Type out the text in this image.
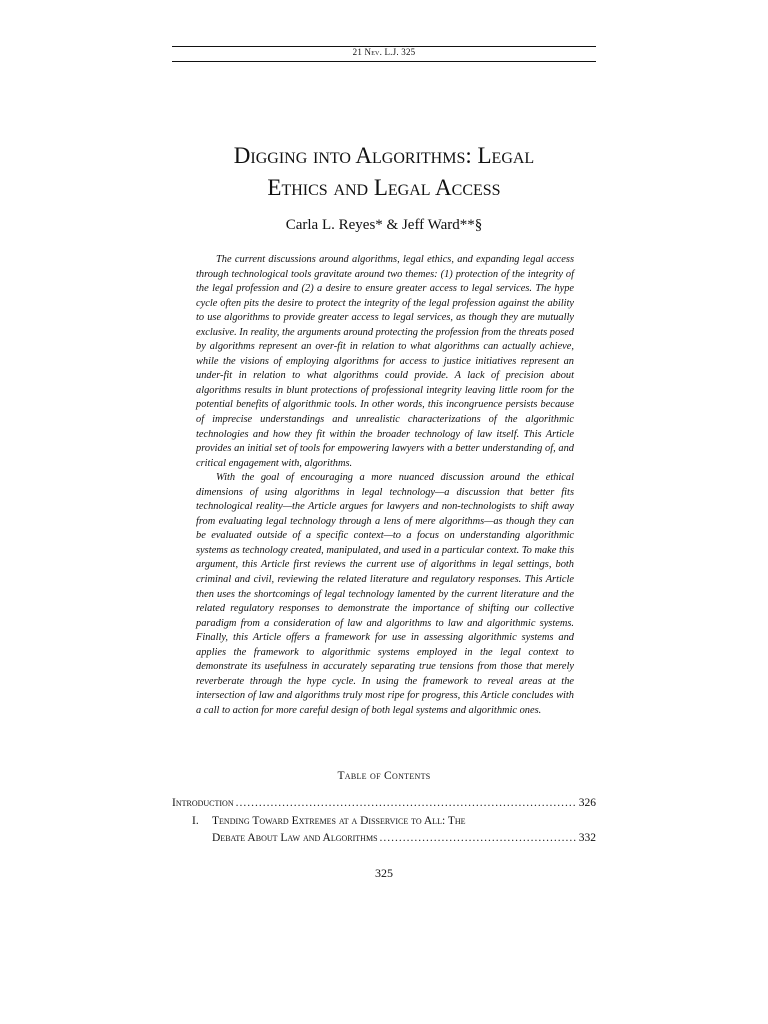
21 Nev. L.J. 325
Digging into Algorithms: Legal
Ethics and Legal Access
Carla L. Reyes* & Jeff Ward**§

The current discussions around algorithms, legal ethics, and expanding legal access through technological tools gravitate around two themes: (1) protection of the integrity of the legal profession and (2) a desire to ensure greater access to legal services. The hype cycle often pits the desire to protect the integrity of the legal profession against the ability to use algorithms to provide greater access to legal services, as though they are mutually exclusive. In reality, the arguments around protecting the profession from the threats posed by algorithms represent an over-fit in relation to what algorithms can actually achieve, while the visions of employing algorithms for access to justice initiatives represent an under-fit in relation to what algorithms could provide. A lack of precision about algorithms results in blunt protections of professional integrity leaving little room for the potential benefits of algorithmic tools. In other words, this incongruence persists because of imprecise understandings and unrealistic characterizations of the algorithmic technologies and how they fit within the broader technology of law itself. This Article provides an initial set of tools for empowering lawyers with a better understanding of, and critical engagement with, algorithms.

With the goal of encouraging a more nuanced discussion around the ethical dimensions of using algorithms in legal technology—a discussion that better fits technological reality—the Article argues for lawyers and non-technologists to shift away from evaluating legal technology through a lens of mere algorithms—as though they can be evaluated outside of a specific context—to a focus on understanding algorithmic systems as technology created, manipulated, and used in a particular context. To make this argument, this Article first reviews the current use of algorithms in legal settings, both criminal and civil, reviewing the related literature and regulatory responses. This Article then uses the shortcomings of legal technology lamented by the current literature and the related regulatory responses to demonstrate the importance of shifting our collective paradigm from a consideration of law and algorithms to law and algorithmic systems. Finally, this Article offers a framework for use in assessing algorithmic systems and applies the framework to algorithmic systems employed in the legal context to demonstrate its usefulness in accurately separating true tensions from those that merely reverberate through the hype cycle. In using the framework to reveal areas at the intersection of law and algorithms truly most ripe for progress, this Article concludes with a call to action for more careful design of both legal systems and algorithmic ones.

Table of Contents
Introduction .....	326
I. Tending Toward Extremes at a Disservice to All: The
Debate About Law and Algorithms .....	332
325
